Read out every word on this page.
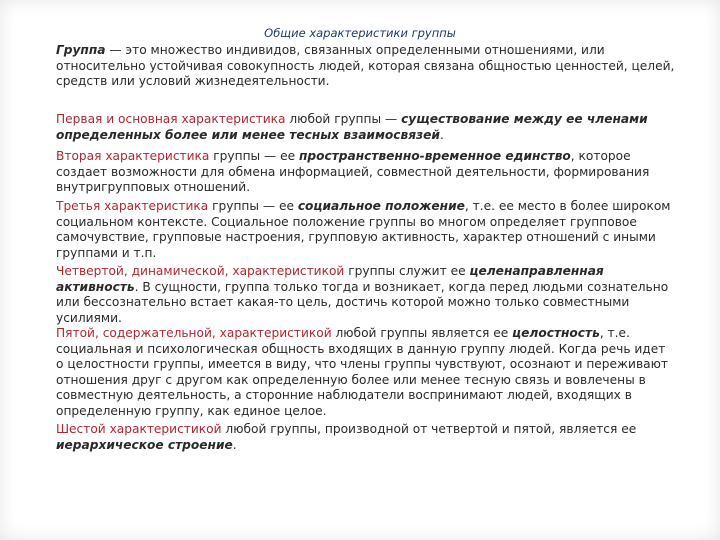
Общие характеристики группы

Группа — это множество индивидов, связанных определенными отношениями, или относительно устойчивая совокупность людей, которая связана общностью ценностей, целей, средств или условий жизнедеятельности.

Первая и основная характеристика любой группы — существование между ее членами определенных более или менее тесных взаимосвязей.

Вторая характеристика группы — ее пространственно-временное единство, которое создает возможности для обмена информацией, совместной деятельности, формирования внутригрупповых отношений.

Третья характеристика группы — ее социальное положение, т.е. ее место в более широком социальном контексте. Социальное положение группы во многом определяет групповое самочувствие, групповые настроения, групповую активность, характер отношений с иными группами и т.п.

Четвертой, динамической, характеристикой группы служит ее целенаправленная активность. В сущности, группа только тогда и возникает, когда перед людьми сознательно или бессознательно встает какая-то цель, достичь которой можно только совместными усилиями.

Пятой, содержательной, характеристикой любой группы является ее целостность, т.е. социальная и психологическая общность входящих в данную группу людей. Когда речь идет о целостности группы, имеется в виду, что члены группы чувствуют, осознают и переживают отношения друг с другом как определенную более или менее тесную связь и вовлечены в совместную деятельность, а сторонние наблюдатели воспринимают людей, входящих в определенную группу, как единое целое.

Шестой характеристикой любой группы, производной от четвертой и пятой, является ее иерархическое строение.
